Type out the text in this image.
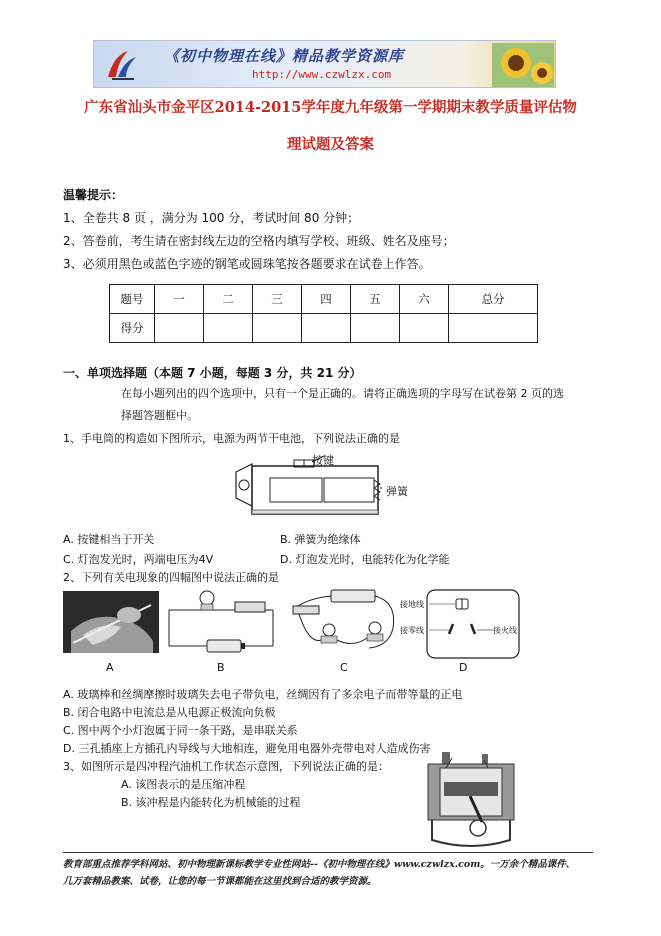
《初中物理在线》精品教学资源库
http://www.czwlzx.com
广东省汕头市金平区2014-2015学年度九年级第一学期期末教学质量评估物
理试题及答案
温馨提示：
1、全卷共 8 页 ，满分为 100 分，考试时间 80 分钟；
2、答卷前，考生请在密封线左边的空格内填写学校、班级、姓名及座号；
3、必须用黑色或蓝色字迹的钢笔或圆珠笔按各题要求在试卷上作答。
题号	一	二	三	四	五	六	总分
得分							
一、单项选择题（本题 7 小题，每题 3 分，共 21 分）
在每小题列出的四个选项中，只有一个是正确的。请将正确选项的字母写在试卷第 2 页的选
择题答题框中。
1、手电筒的构造如下图所示，电源为两节干电池，下列说法正确的是
按键
弹簧
A. 按键相当于开关	B. 弹簧为绝缘体
C. 灯泡发光时，两端电压为4V	D. 灯泡发光时，电能转化为化学能
2、下列有关电现象的四幅图中说法正确的是
接地线
接零线	接火线
A	B	C	D
A. 玻璃棒和丝绸摩擦时玻璃失去电子带负电，丝绸因有了多余电子而带等量的正电
B. 闭合电路中电流总是从电源正极流向负极
C. 图中两个小灯泡属于同一条干路，是串联关系
D. 三孔插座上方插孔内导线与大地相连，避免用电器外壳带电对人造成伤害
3、如图所示是四冲程汽油机工作状态示意图，下列说法正确的是：
A. 该图表示的是压缩冲程
B. 该冲程是内能转化为机械能的过程
教育部重点推荐学科网站、初中物理新课标教学专业性网站--《初中物理在线》www.czwlzx.com。一万余个精品课件、
几万套精品教案、试卷，让您的每一节课都能在这里找到合适的教学资源。
